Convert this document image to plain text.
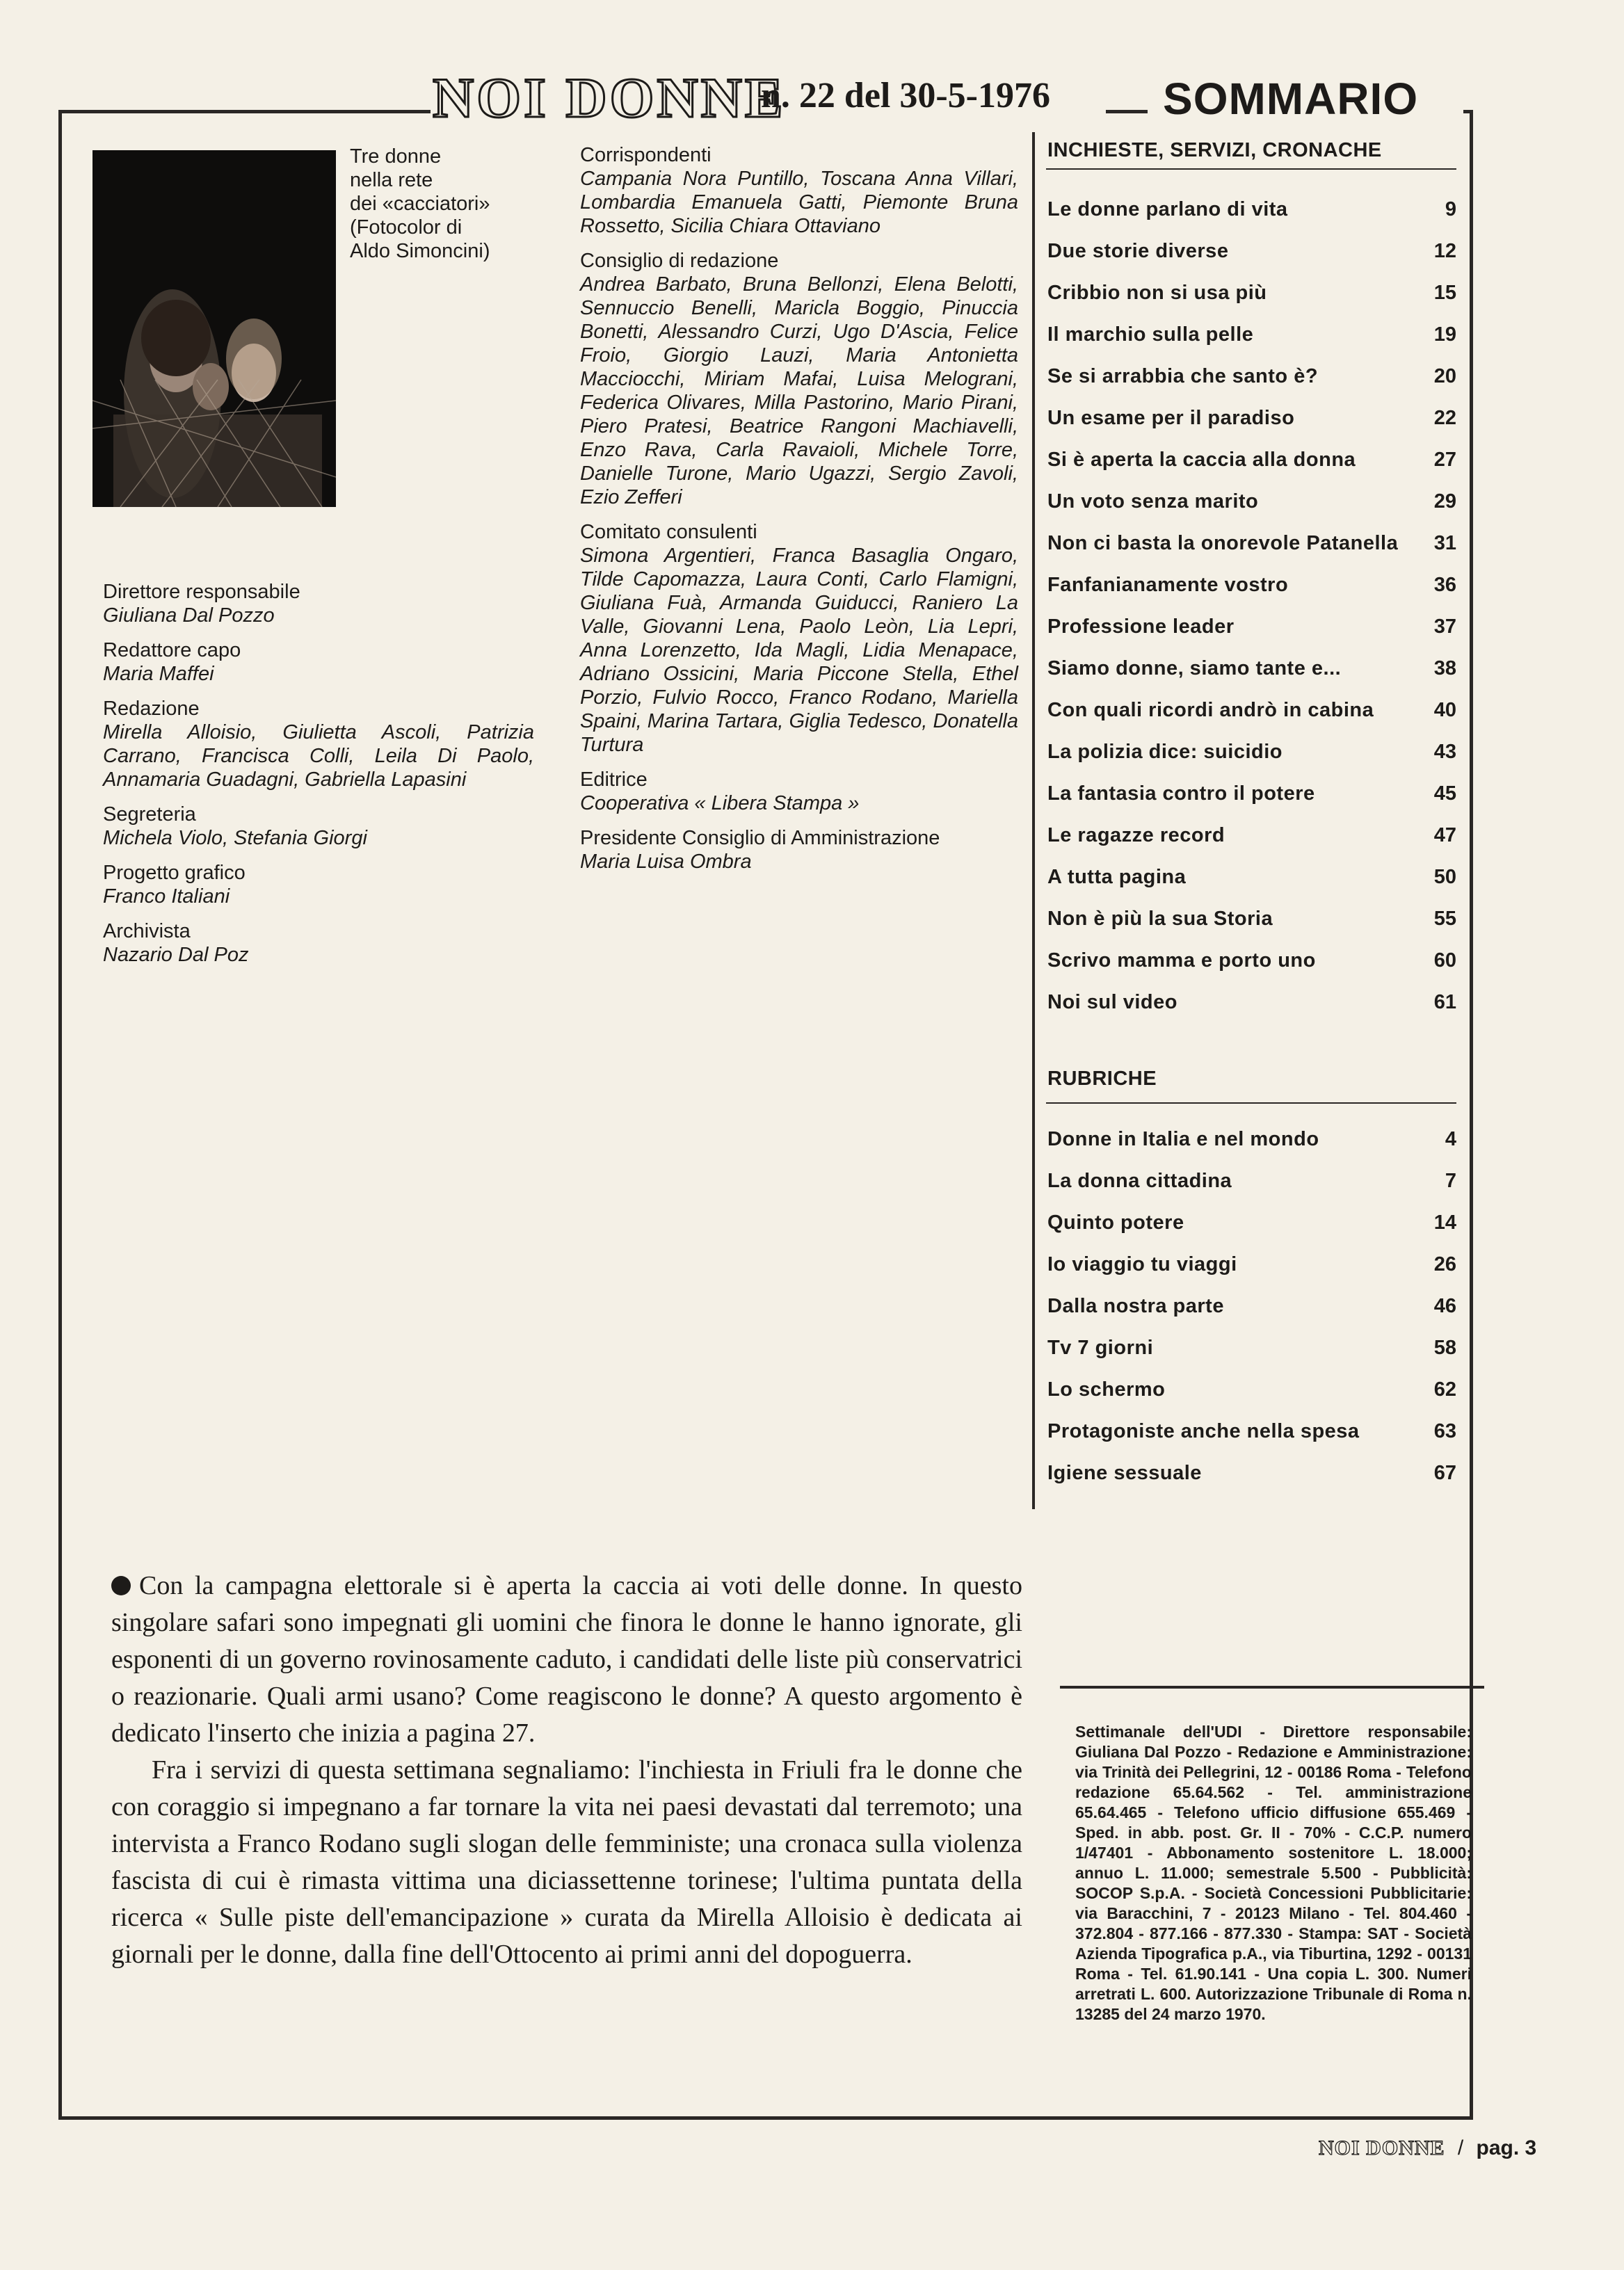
NOI DONNE
n. 22 del 30-5-1976	SOMMARIO
Tre donne
nella rete
dei «cacciatori»
(Fotocolor di
Aldo Simoncini)
Direttore responsabile
Giuliana Dal Pozzo
Redattore capo
Maria Maffei
Redazione
Mirella Alloisio, Giulietta Ascoli, Patrizia Carrano, Francisca Colli, Leila Di Paolo, Annamaria Guadagni, Gabriella Lapasini
Segreteria
Michela Violo, Stefania Giorgi
Progetto grafico
Franco Italiani
Archivista
Nazario Dal Poz
Corrispondenti
Campania Nora Puntillo, Toscana Anna Villari, Lombardia Emanuela Gatti, Piemonte Bruna Rossetto, Sicilia Chiara Ottaviano
Consiglio di redazione
Andrea Barbato, Bruna Bellonzi, Elena Belotti, Sennuccio Benelli, Maricla Boggio, Pinuccia Bonetti, Alessandro Curzi, Ugo D'Ascia, Felice Froio, Giorgio Lauzi, Maria Antonietta Macciocchi, Miriam Mafai, Luisa Melograni, Federica Olivares, Milla Pastorino, Mario Pirani, Piero Pratesi, Beatrice Rangoni Machiavelli, Enzo Rava, Carla Ravaioli, Michele Torre, Danielle Turone, Mario Ugazzi, Sergio Zavoli, Ezio Zefferi
Comitato consulenti
Simona Argentieri, Franca Basaglia Ongaro, Tilde Capomazza, Laura Conti, Carlo Flamigni, Giuliana Fuà, Armanda Guiducci, Raniero La Valle, Giovanni Lena, Paolo Leòn, Lia Lepri, Anna Lorenzetto, Ida Magli, Lidia Menapace, Adriano Ossicini, Maria Piccone Stella, Ethel Porzio, Fulvio Rocco, Franco Rodano, Mariella Spaini, Marina Tartara, Giglia Tedesco, Donatella Turtura
Editrice
Cooperativa « Libera Stampa »
Presidente Consiglio di Amministrazione
Maria Luisa Ombra
INCHIESTE, SERVIZI, CRONACHE
Le donne parlano di vita	9
Due storie diverse	12
Cribbio non si usa più	15
Il marchio sulla pelle	19
Se si arrabbia che santo è?	20
Un esame per il paradiso	22
Si è aperta la caccia alla donna	27
Un voto senza marito	29
Non ci basta la onorevole Patanella	31
Fanfanianamente vostro	36
Professione leader	37
Siamo donne, siamo tante e...	38
Con quali ricordi andrò in cabina	40
La polizia dice: suicidio	43
La fantasia contro il potere	45
Le ragazze record	47
A tutta pagina	50
Non è più la sua Storia	55
Scrivo mamma e porto uno	60
Noi sul video	61
RUBRICHE
Donne in Italia e nel mondo	4
La donna cittadina	7
Quinto potere	14
Io viaggio tu viaggi	26
Dalla nostra parte	46
Tv 7 giorni	58
Lo schermo	62
Protagoniste anche nella spesa	63
Igiene sessuale	67

Con la campagna elettorale si è aperta la caccia ai voti delle donne. In questo singolare safari sono impegnati gli uomini che finora le donne le hanno ignorate, gli esponenti di un governo rovinosamente caduto, i candidati delle liste più conservatrici o reazionarie. Quali armi usano? Come reagiscono le donne? A questo argomento è dedicato l'inserto che inizia a pagina 27.

Fra i servizi di questa settimana segnaliamo: l'inchiesta in Friuli fra le donne che con coraggio si impegnano a far tornare la vita nei paesi devastati dal terremoto; una intervista a Franco Rodano sugli slogan delle femministe; una cronaca sulla violenza fascista di cui è rimasta vittima una diciassettenne torinese; l'ultima puntata della ricerca « Sulle piste dell'emancipazione » curata da Mirella Alloisio è dedicata ai giornali per le donne, dalla fine dell'Ottocento ai primi anni del dopoguerra.

Settimanale dell'UDI - Direttore responsabile: Giuliana Dal Pozzo - Redazione e Amministrazione: via Trinità dei Pellegrini, 12 - 00186 Roma - Telefono redazione 65.64.562 - Tel. amministrazione 65.64.465 - Telefono ufficio diffusione 655.469 - Sped. in abb. post. Gr. II - 70% - C.C.P. numero 1/47401 - Abbonamento sostenitore L. 18.000; annuo L. 11.000; semestrale 5.500 - Pubblicità: SOCOP S.p.A. - Società Concessioni Pubblicitarie: via Baracchini, 7 - 20123 Milano - Tel. 804.460 - 372.804 - 877.166 - 877.330 - Stampa: SAT - Società Azienda Tipografica p.A., via Tiburtina, 1292 - 00131 Roma - Tel. 61.90.141 - Una copia L. 300. Numeri arretrati L. 600. Autorizzazione Tribunale di Roma n. 13285 del 24 marzo 1970.
NOI DONNE / pag. 3
